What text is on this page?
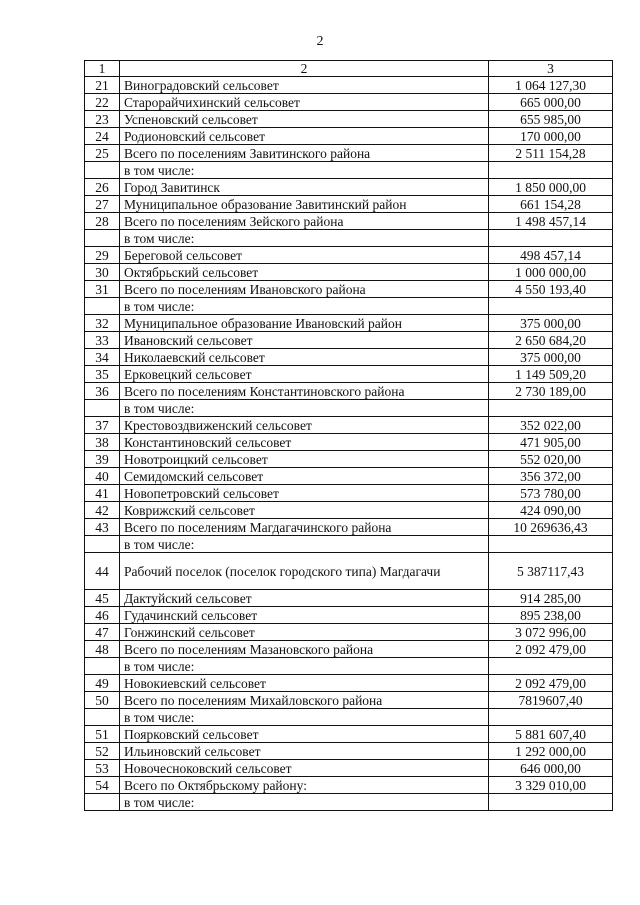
2
1	2	3
21	Виноградовский сельсовет	1 064 127,30
22	Старорайчихинский сельсовет	665 000,00
23	Успеновский сельсовет	655 985,00
24	Родионовский сельсовет	170 000,00
25	Всего по поселениям Завитинского района	2 511 154,28
	в том числе:	
26	Город Завитинск	1 850 000,00
27	Муниципальное образование Завитинский район	661 154,28
28	Всего по поселениям Зейского района	1 498 457,14
	в том числе:	
29	Береговой сельсовет	498 457,14
30	Октябрьский сельсовет	1 000 000,00
31	Всего по поселениям Ивановского района	4 550 193,40
	в том числе:	
32	Муниципальное образование Ивановский район	375 000,00
33	Ивановский сельсовет	2 650 684,20
34	Николаевский сельсовет	375 000,00
35	Ерковецкий сельсовет	1 149 509,20
36	Всего по поселениям Константиновского района	2 730 189,00
	в том числе:	
37	Крестовоздвиженский сельсовет	352 022,00
38	Константиновский сельсовет	471 905,00
39	Новотроицкий сельсовет	552 020,00
40	Семидомский сельсовет	356 372,00
41	Новопетровский сельсовет	573 780,00
42	Коврижский сельсовет	424 090,00
43	Всего по поселениям Магдагачинского района	10 269636,43
	в том числе:	
44	Рабочий поселок (поселок городского типа) Магдагачи	5 387117,43
45	Дактуйский сельсовет	914 285,00
46	Гудачинский сельсовет	895 238,00
47	Гонжинский сельсовет	3 072 996,00
48	Всего по поселениям Мазановского района	2 092 479,00
	в том числе:	
49	Новокиевский сельсовет	2 092 479,00
50	Всего по поселениям Михайловского района	7819607,40
	в том числе:	
51	Поярковский сельсовет	5 881 607,40
52	Ильиновский сельсовет	1 292 000,00
53	Новочесноковский сельсовет	646 000,00
54	Всего по Октябрьскому району:	3 329 010,00
	в том числе:	
